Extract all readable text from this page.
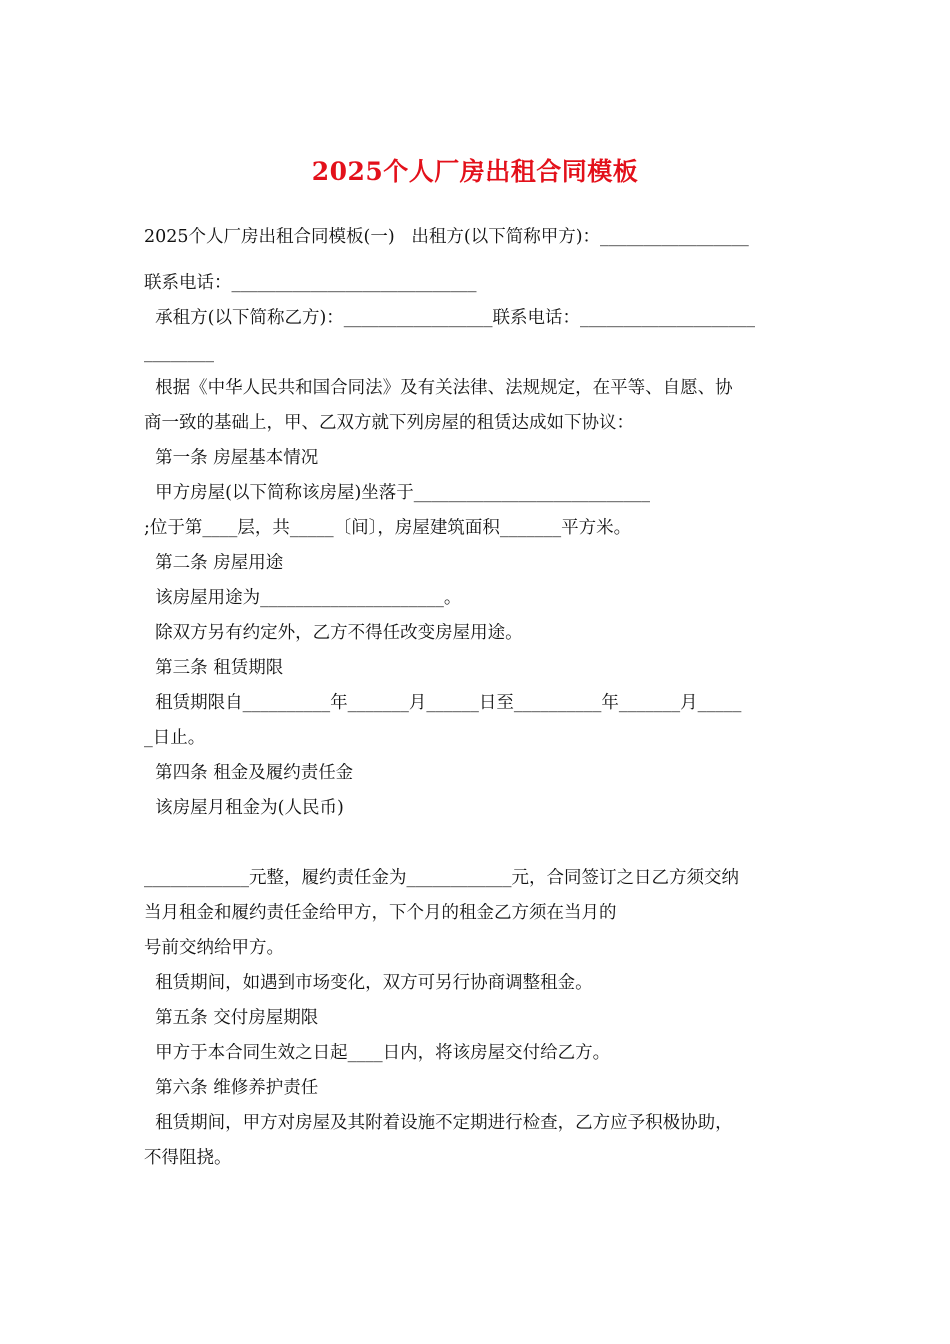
2025个人厂房出租合同模板
2025个人厂房出租合同模板(一)   出租方(以下简称甲方)：_________________
联系电话：____________________________
承租方(以下简称乙方)：_________________联系电话：____________________
________
根据《中华人民共和国合同法》及有关法律、法规规定，在平等、自愿、协
商一致的基础上，甲、乙双方就下列房屋的租赁达成如下协议：
第一条 房屋基本情况
甲方房屋(以下简称该房屋)坐落于___________________________
;位于第____层，共_____〔间〕，房屋建筑面积_______平方米。
第二条 房屋用途
该房屋用途为_____________________。
除双方另有约定外，乙方不得任改变房屋用途。
第三条 租赁期限
租赁期限自__________年_______月______日至__________年_______月_____
_日止。
第四条 租金及履约责任金
该房屋月租金为(人民币)
____________元整，履约责任金为____________元，合同签订之日乙方须交纳
当月租金和履约责任金给甲方，下个月的租金乙方须在当月的
号前交纳给甲方。
租赁期间，如遇到市场变化，双方可另行协商调整租金。
第五条 交付房屋期限
甲方于本合同生效之日起____日内，将该房屋交付给乙方。
第六条 维修养护责任
租赁期间，甲方对房屋及其附着设施不定期进行检查，乙方应予积极协助，
不得阻挠。
